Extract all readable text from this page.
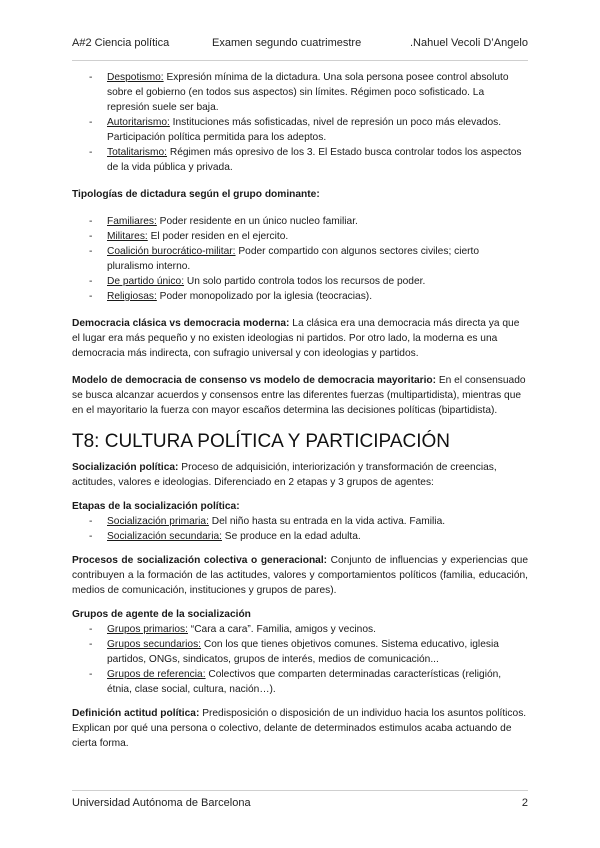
A#2 Ciencia política	Examen segundo cuatrimestre	.Nahuel Vecoli D’Angelo
- Despotismo: Expresión mínima de la dictadura. Una sola persona posee control absoluto sobre el gobierno (en todos sus aspectos) sin límites. Régimen poco sofisticado. La represión suele ser baja.
- Autoritarismo: Instituciones más sofisticadas, nivel de represión un poco más elevados. Participación política permitida para los adeptos.
- Totalitarismo: Régimen más opresivo de los 3. El Estado busca controlar todos los aspectos de la vida pública y privada.

Tipologías de dictadura según el grupo dominante:

- Familiares: Poder residente en un único nucleo familiar.
- Militares: El poder residen en el ejercito.
- Coalición burocrático-militar: Poder compartido con algunos sectores civiles; cierto pluralismo interno.
- De partido único: Un solo partido controla todos los recursos de poder.
- Religiosas: Poder monopolizado por la iglesia (teocracias).

Democracia clásica vs democracia moderna: La clásica era una democracia más directa ya que el lugar era más pequeño y no existen ideologias ni partidos. Por otro lado, la moderna es una democracia más indirecta, con sufragio universal y con ideologias y partidos.

Modelo de democracia de consenso vs modelo de democracia mayoritario: En el consensuado se busca alcanzar acuerdos y consensos entre las diferentes fuerzas (multipartidista), mientras que en el mayoritario la fuerza con mayor escaños determina las decisiones políticas (bipartidista).

T8: CULTURA POLÍTICA Y PARTICIPACIÓN

Socialización política: Proceso de adquisición, interiorización y transformación de creencias, actitudes, valores e ideologias. Diferenciado en 2 etapas y 3 grupos de agentes:

Etapas de la socialización política:

- Socialización primaria: Del niño hasta su entrada en la vida activa. Familia.
- Socialización secundaria: Se produce en la edad adulta.

Procesos de socialización colectiva o generacional: Conjunto de influencias y experiencias que contribuyen a la formación de las actitudes, valores y comportamientos políticos (familia, educación, medios de comunicación, instituciones y grupos de pares).

Grupos de agente de la socialización

- Grupos primarios: “Cara a cara”. Familia, amigos y vecinos.
- Grupos secundarios: Con los que tienes objetivos comunes. Sistema educativo, iglesia partidos, ONGs, sindicatos, grupos de interés, medios de comunicación...
- Grupos de referencia: Colectivos que comparten determinadas características (religión, étnia, clase social, cultura, nación…).

Definición actitud política: Predisposición o disposición de un individuo hacia los asuntos políticos. Explican por qué una persona o colectivo, delante de determinados estimulos acaba actuando de cierta forma.

Universidad Autónoma de Barcelona	2
